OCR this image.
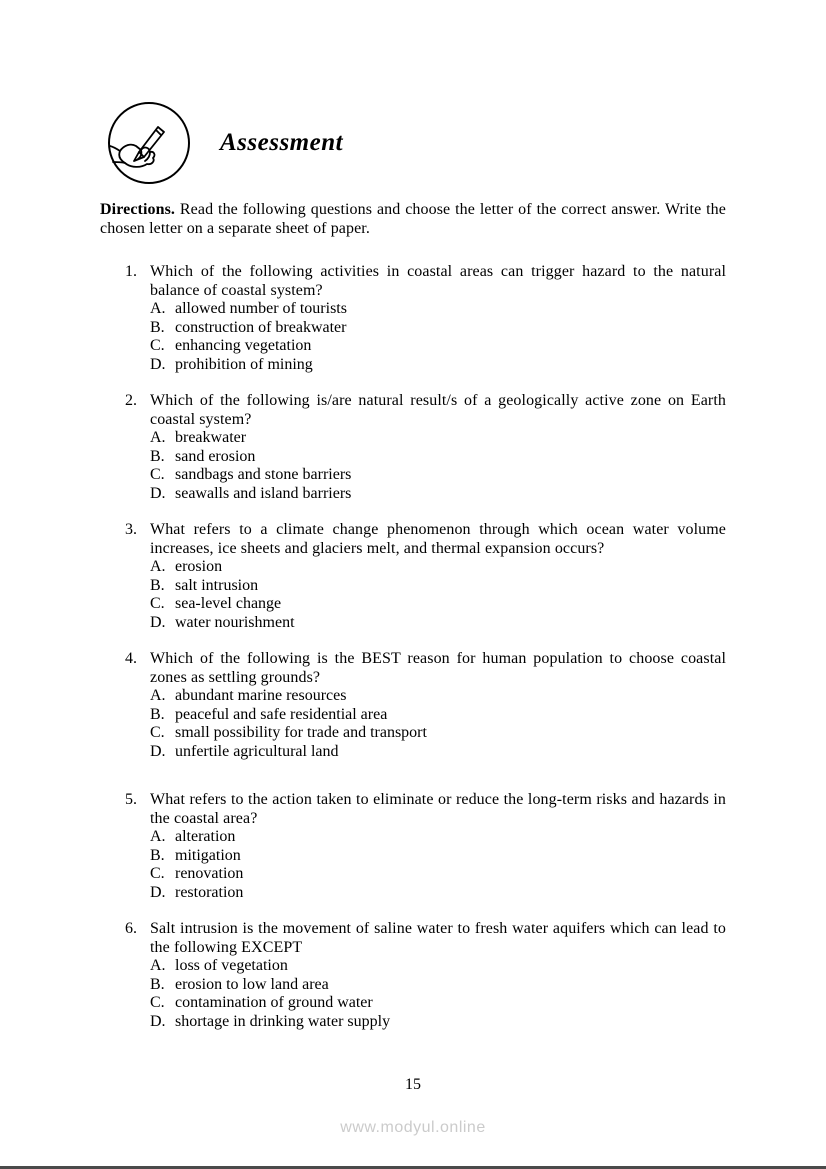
Assessment

Directions. Read the following questions and choose the letter of the correct answer. Write the chosen letter on a separate sheet of paper.

1. Which of the following activities in coastal areas can trigger hazard to the natural balance of coastal system?
A. allowed number of tourists
B. construction of breakwater
C. enhancing vegetation
D. prohibition of mining
2. Which of the following is/are natural result/s of a geologically active zone on Earth coastal system?
A. breakwater
B. sand erosion
C. sandbags and stone barriers
D. seawalls and island barriers
3. What refers to a climate change phenomenon through which ocean water volume increases, ice sheets and glaciers melt, and thermal expansion occurs?
A. erosion
B. salt intrusion
C. sea-level change
D. water nourishment
4. Which of the following is the BEST reason for human population to choose coastal zones as settling grounds?
A. abundant marine resources
B. peaceful and safe residential area
C. small possibility for trade and transport
D. unfertile agricultural land
5. What refers to the action taken to eliminate or reduce the long-term risks and hazards in the coastal area?
A. alteration
B. mitigation
C. renovation
D. restoration
6. Salt intrusion is the movement of saline water to fresh water aquifers which can lead to the following EXCEPT
A. loss of vegetation
B. erosion to low land area
C. contamination of ground water
D. shortage in drinking water supply
15
www.modyul.online
